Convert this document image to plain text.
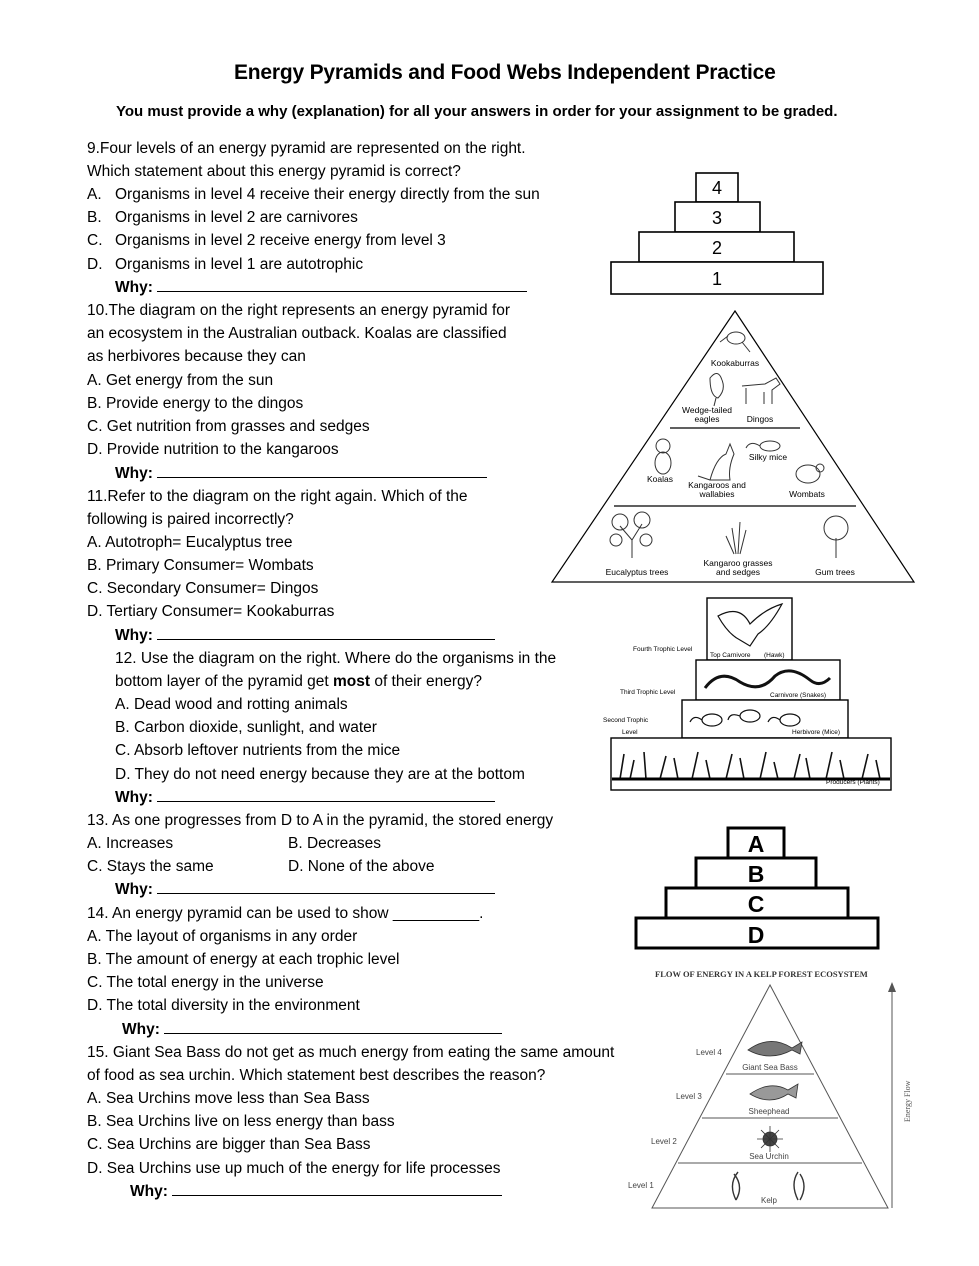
Energy Pyramids and Food Webs Independent Practice
You must provide a why (explanation) for all your answers in order for your assignment to be graded.
9.Four levels of an energy pyramid are represented on the right.
Which statement about this energy pyramid is correct?
A. Organisms in level 4 receive their energy directly from the sun
B. Organisms in level 2 are carnivores
C. Organisms in level 2 receive energy from level 3
D. Organisms in level 1 are autotrophic
Why:
10.The diagram on the right represents an energy pyramid for
an ecosystem in the Australian outback. Koalas are classified
as herbivores because they can
A. Get energy from the sun
B. Provide energy to the dingos
C. Get nutrition from grasses and sedges
D. Provide nutrition to the kangaroos
Why:
11.Refer to the diagram on the right again. Which of the
following is paired incorrectly?
A. Autotroph= Eucalyptus tree
B. Primary Consumer= Wombats
C. Secondary Consumer= Dingos
D. Tertiary Consumer= Kookaburras
Why:
12. Use the diagram on the right. Where do the organisms in the
bottom layer of the pyramid get most of their energy?
A. Dead wood and rotting animals
B. Carbon dioxide, sunlight, and water
C. Absorb leftover nutrients from the mice
D. They do not need energy because they are at the bottom
Why:
13. As one progresses from D to A in the pyramid, the stored energy
A. Increases	B. Decreases
C. Stays the same	D. None of the above
Why:
14. An energy pyramid can be used to show __________.
A. The layout of organisms in any order
B. The amount of energy at each trophic level
C. The total energy in the universe
D. The total diversity in the environment
Why:
15. Giant Sea Bass do not get as much energy from eating the same amount
of food as sea urchin. Which statement best describes the reason?
A. Sea Urchins move less than Sea Bass
B. Sea Urchins live on less energy than bass
C. Sea Urchins are bigger than Sea Bass
D. Sea Urchins use up much of the energy for life processes
Why:
4
3
2
1
Kookaburras
Wedge-tailed
eagles	Dingos
Silky mice
Koalas
Kangaroos and
wallabies	Wombats
Eucalyptus trees
Kangaroo grasses
and sedges	Gum trees
Fourth Trophic Level
Third Trophic Level
Second Trophic
Level
Top Carnivore (Hawk)
Carnivore (Snakes)
Herbivore (Mice)
Producers (Plants)
A
B
C
D
FLOW OF ENERGY IN A KELP FOREST ECOSYSTEM
Energy Flow
Level 4
Level 3
Level 2
Level 1
Giant Sea Bass
Sheephead
Sea Urchin
Kelp
